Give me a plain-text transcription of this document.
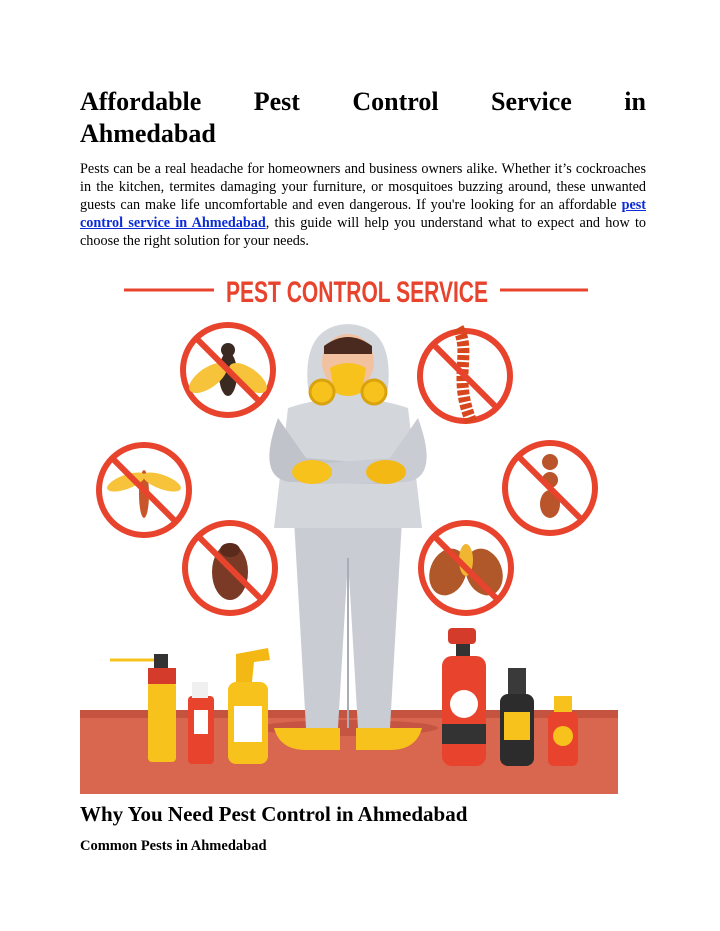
Affordable Pest Control Service in
Ahmedabad

Pests can be a real headache for homeowners and business owners alike. Whether it’s cockroaches in the kitchen, termites damaging your furniture, or mosquitoes buzzing around, these unwanted guests can make life uncomfortable and even dangerous. If you're looking for an affordable pest control service in Ahmedabad, this guide will help you understand what to expect and how to choose the right solution for your needs.

PEST CONTROL SERVICE
Why You Need Pest Control in Ahmedabad
Common Pests in Ahmedabad
